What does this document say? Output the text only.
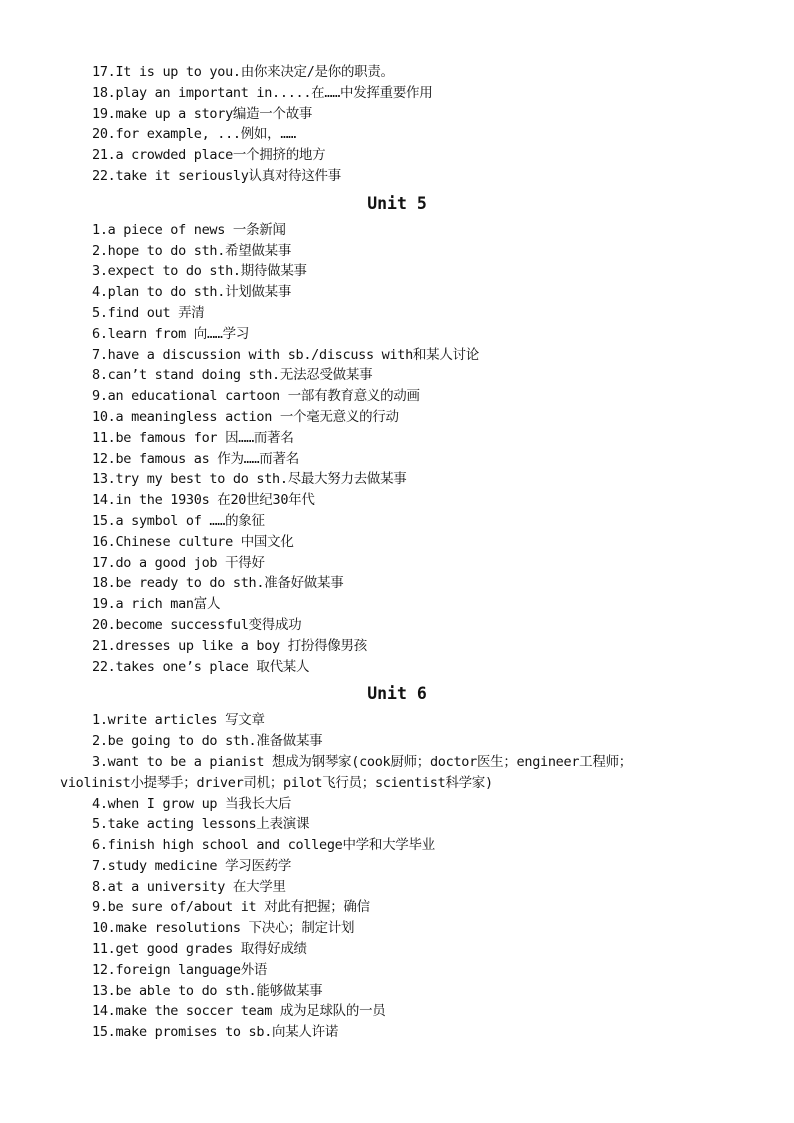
17.It is up to you.由你来决定/是你的职责。
18.play an important in.....在……中发挥重要作用
19.make up a story编造一个故事
20.for example, ...例如，……
21.a crowded place一个拥挤的地方
22.take it seriously认真对待这件事
Unit 5
1.a piece of news 一条新闻
2.hope to do sth.希望做某事
3.expect to do sth.期待做某事
4.plan to do sth.计划做某事
5.find out 弄清
6.learn from 向……学习
7.have a discussion with sb./discuss with和某人讨论
8.can’t stand doing sth.无法忍受做某事
9.an educational cartoon 一部有教育意义的动画
10.a meaningless action 一个毫无意义的行动
11.be famous for 因……而著名
12.be famous as 作为……而著名
13.try my best to do sth.尽最大努力去做某事
14.in the 1930s 在20世纪30年代
15.a symbol of ……的象征
16.Chinese culture 中国文化
17.do a good job 干得好
18.be ready to do sth.准备好做某事
19.a rich man富人
20.become successful变得成功
21.dresses up like a boy 打扮得像男孩
22.takes one’s place 取代某人
Unit 6
1.write articles 写文章
2.be going to do sth.准备做某事
3.want to be a pianist 想成为钢琴家(cook厨师；doctor医生；engineer工程师；
violinist小提琴手；driver司机；pilot飞行员；scientist科学家)
4.when I grow up 当我长大后
5.take acting lessons上表演课
6.finish high school and college中学和大学毕业
7.study medicine 学习医药学
8.at a university 在大学里
9.be sure of/about it 对此有把握；确信
10.make resolutions 下决心；制定计划
11.get good grades 取得好成绩
12.foreign language外语
13.be able to do sth.能够做某事
14.make the soccer team 成为足球队的一员
15.make promises to sb.向某人许诺
